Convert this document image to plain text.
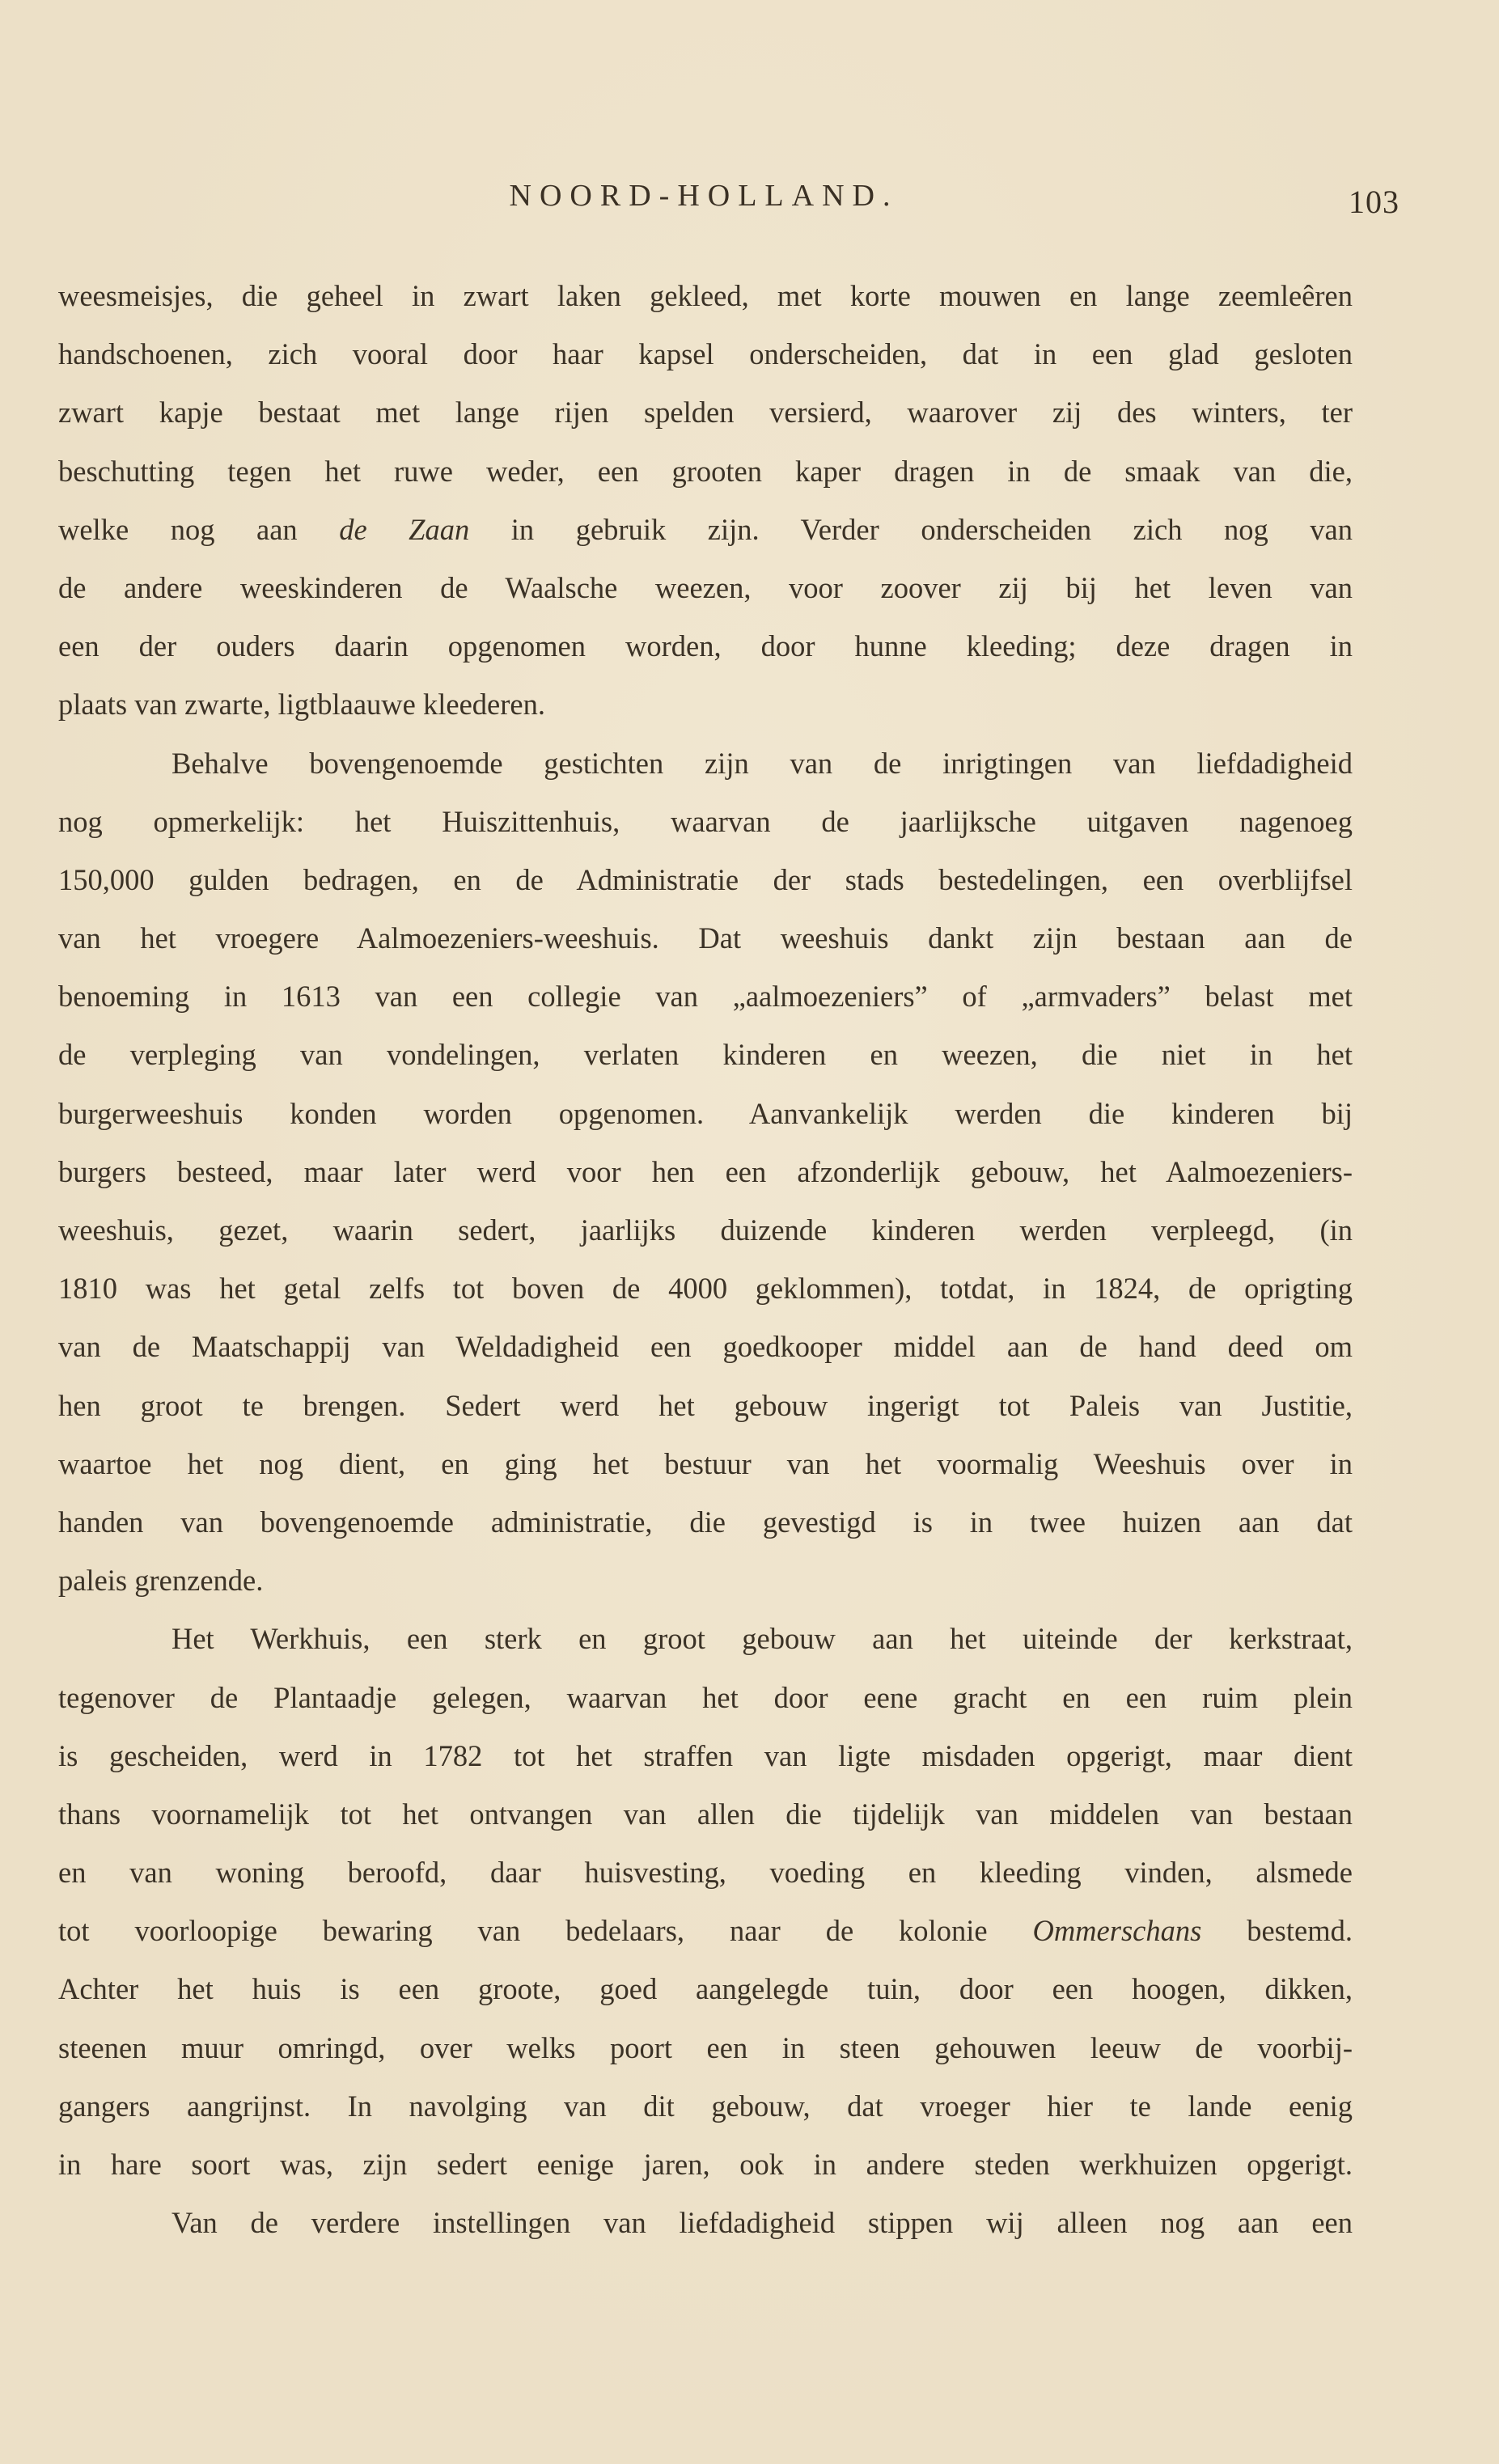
NOORD-HOLLAND.	103
weesmeisjes, die geheel in zwart laken gekleed, met korte mouwen en lange zeemleêren
handschoenen, zich vooral door haar kapsel onderscheiden, dat in een glad gesloten
zwart kapje bestaat met lange rijen spelden versierd, waarover zij des winters, ter
beschutting tegen het ruwe weder, een grooten kaper dragen in de smaak van die,
welke nog aan de Zaan in gebruik zijn. Verder onderscheiden zich nog van
de andere weeskinderen de Waalsche weezen, voor zoover zij bij het leven van
een der ouders daarin opgenomen worden, door hunne kleeding; deze dragen in
plaats van zwarte, ligtblaauwe kleederen.
Behalve bovengenoemde gestichten zijn van de inrigtingen van liefdadigheid
nog opmerkelijk: het Huiszittenhuis, waarvan de jaarlijksche uitgaven nagenoeg
150,000 gulden bedragen, en de Administratie der stads bestedelingen, een overblijfsel
van het vroegere Aalmoezeniers-weeshuis. Dat weeshuis dankt zijn bestaan aan de
benoeming in 1613 van een collegie van „aalmoezeniers” of „armvaders” belast met
de verpleging van vondelingen, verlaten kinderen en weezen, die niet in het
burgerweeshuis konden worden opgenomen. Aanvankelijk werden die kinderen bij
burgers besteed, maar later werd voor hen een afzonderlijk gebouw, het Aalmoezeniers-
weeshuis, gezet, waarin sedert, jaarlijks duizende kinderen werden verpleegd, (in
1810 was het getal zelfs tot boven de 4000 geklommen), totdat, in 1824, de oprigting
van de Maatschappij van Weldadigheid een goedkooper middel aan de hand deed om
hen groot te brengen. Sedert werd het gebouw ingerigt tot Paleis van Justitie,
waartoe het nog dient, en ging het bestuur van het voormalig Weeshuis over in
handen van bovengenoemde administratie, die gevestigd is in twee huizen aan dat
paleis grenzende.
Het Werkhuis, een sterk en groot gebouw aan het uiteinde der kerkstraat,
tegenover de Plantaadje gelegen, waarvan het door eene gracht en een ruim plein
is gescheiden, werd in 1782 tot het straffen van ligte misdaden opgerigt, maar dient
thans voornamelijk tot het ontvangen van allen die tijdelijk van middelen van bestaan
en van woning beroofd, daar huisvesting, voeding en kleeding vinden, alsmede
tot voorloopige bewaring van bedelaars, naar de kolonie Ommerschans bestemd.
Achter het huis is een groote, goed aangelegde tuin, door een hoogen, dikken,
steenen muur omringd, over welks poort een in steen gehouwen leeuw de voorbij-
gangers aangrijnst. In navolging van dit gebouw, dat vroeger hier te lande eenig
in hare soort was, zijn sedert eenige jaren, ook in andere steden werkhuizen opgerigt.
Van de verdere instellingen van liefdadigheid stippen wij alleen nog aan een
